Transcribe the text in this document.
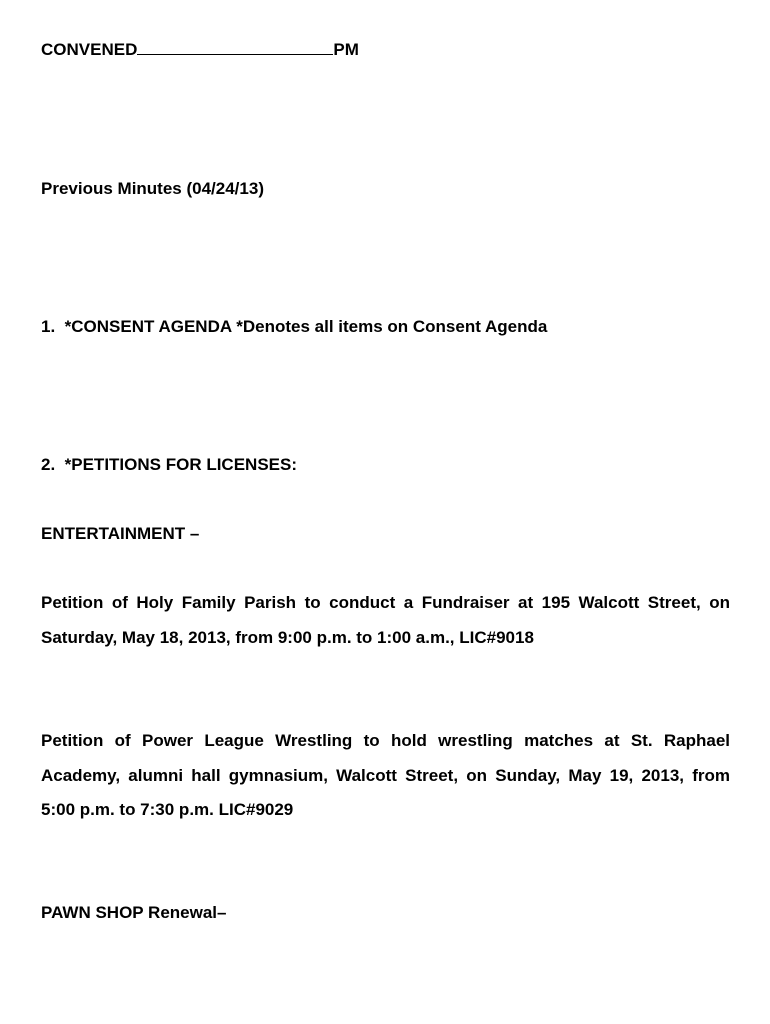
CONVENED	PM
Previous Minutes (04/24/13)
1. *CONSENT AGENDA *Denotes all items on Consent Agenda
2. *PETITIONS FOR LICENSES:
ENTERTAINMENT –
Petition of Holy Family Parish to conduct a Fundraiser at 195 Walcott Street, on Saturday, May 18, 2013, from 9:00 p.m. to 1:00 a.m., LIC#9018
Petition of Power League Wrestling to hold wrestling matches at St. Raphael Academy, alumni hall gymnasium, Walcott Street, on Sunday, May 19, 2013, from 5:00 p.m. to 7:30 p.m. LIC#9029
PAWN SHOP Renewal–
